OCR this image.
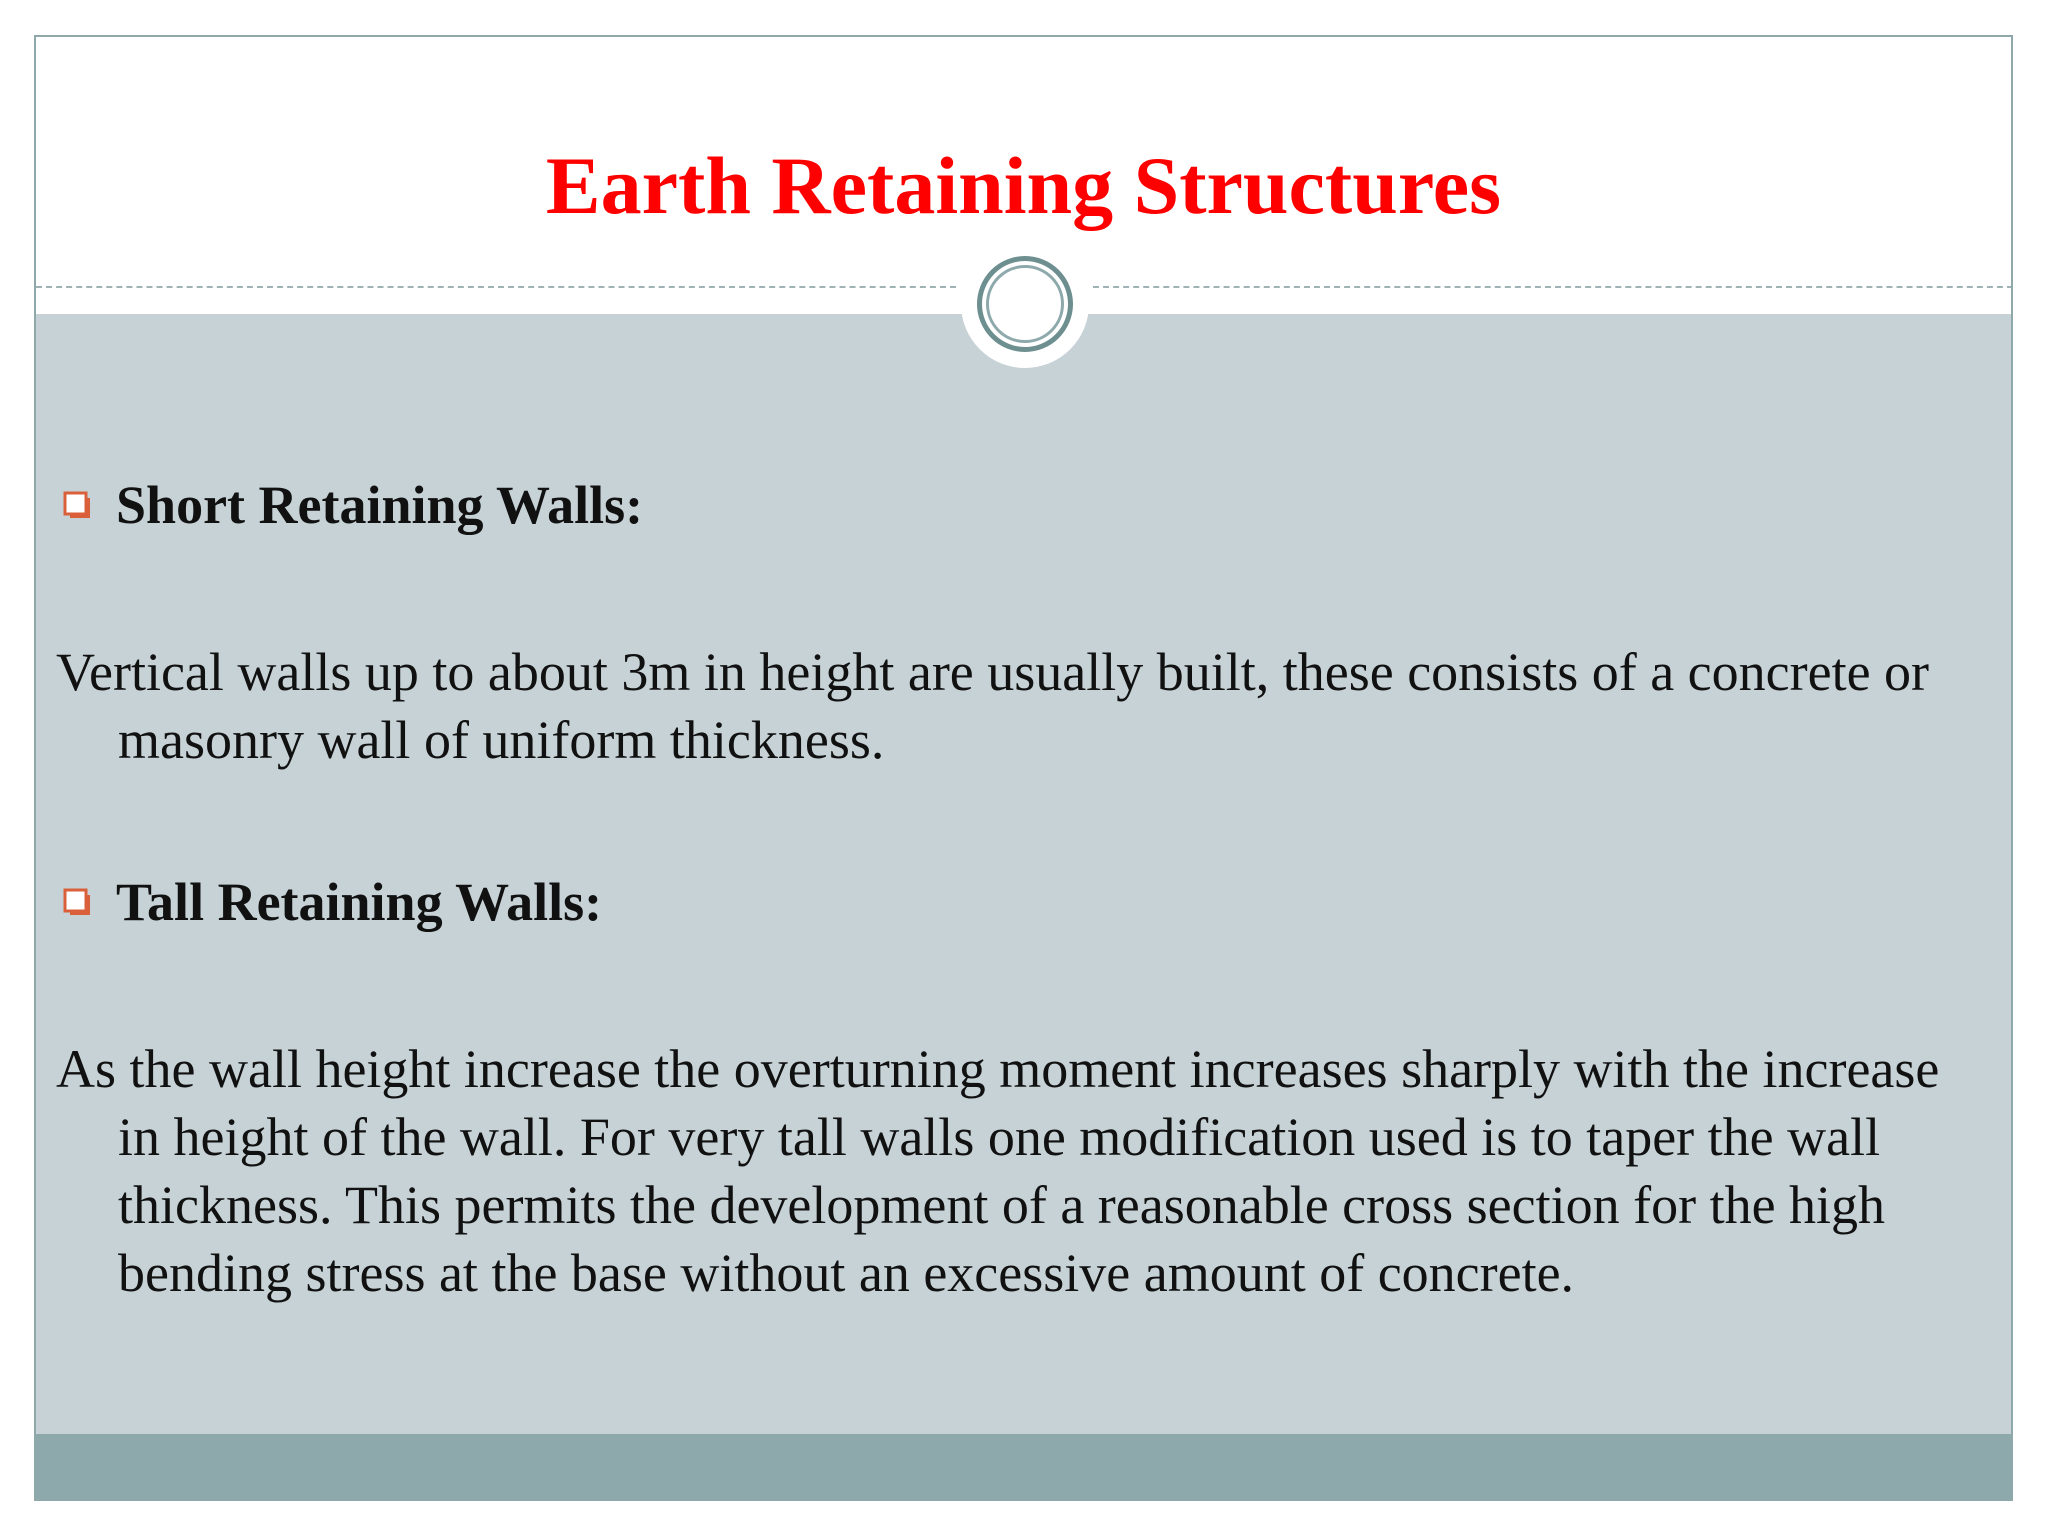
Earth Retaining Structures
Short Retaining Walls:
Vertical walls up to about 3m in height are usually built, these consists of a concrete or masonry wall of uniform thickness.
Tall Retaining Walls:
As the wall height increase the overturning moment increases sharply with the increase in height of the wall. For very tall walls one modification used is to taper the wall thickness. This permits the development of a reasonable cross section for the high bending stress at the base without an excessive amount of concrete.
